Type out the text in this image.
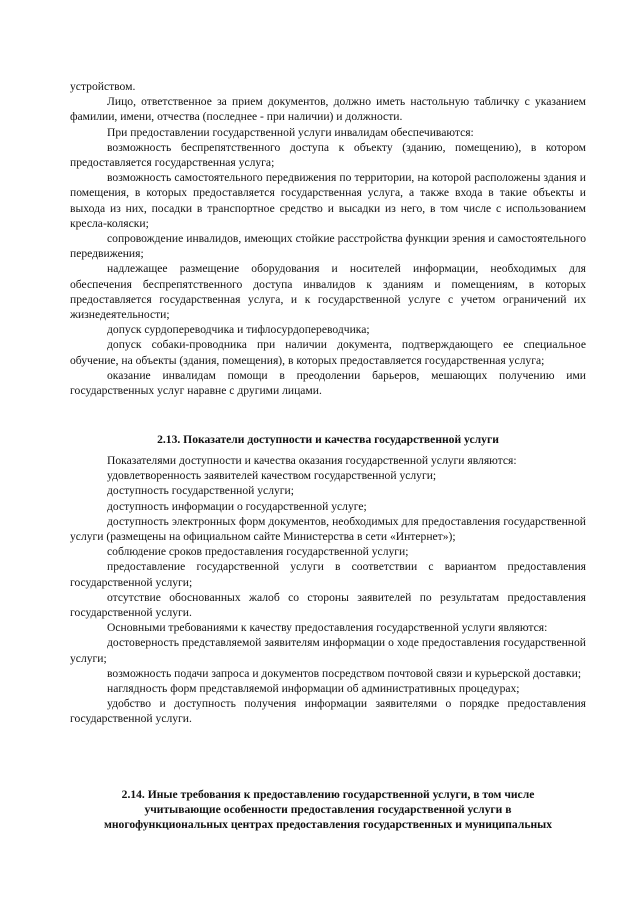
устройством.

Лицо, ответственное за прием документов, должно иметь настольную табличку с указанием фамилии, имени, отчества (последнее - при наличии) и должности.

При предоставлении государственной услуги инвалидам обеспечиваются:

возможность беспрепятственного доступа к объекту (зданию, помещению), в котором предоставляется государственная услуга;

возможность самостоятельного передвижения по территории, на которой расположены здания и помещения, в которых предоставляется государственная услуга, а также входа в такие объекты и выхода из них, посадки в транспортное средство и высадки из него, в том числе с использованием кресла-коляски;

сопровождение инвалидов, имеющих стойкие расстройства функции зрения и самостоятельного передвижения;

надлежащее размещение оборудования и носителей информации, необходимых для обеспечения беспрепятственного доступа инвалидов к зданиям и помещениям, в которых предоставляется государственная услуга, и к государственной услуге с учетом ограничений их жизнедеятельности;

допуск сурдопереводчика и тифлосурдопереводчика;

допуск собаки-проводника при наличии документа, подтверждающего ее специальное обучение, на объекты (здания, помещения), в которых предоставляется государственная услуга;

оказание инвалидам помощи в преодолении барьеров, мешающих получению ими государственных услуг наравне с другими лицами.

2.13. Показатели доступности и качества государственной услуги

Показателями доступности и качества оказания государственной услуги являются:

удовлетворенность заявителей качеством государственной услуги;

доступность государственной услуги;

доступность информации о государственной услуге;

доступность электронных форм документов, необходимых для предоставления государственной услуги (размещены на официальном сайте Министерства в сети «Интернет»);

соблюдение сроков предоставления государственной услуги;

предоставление государственной услуги в соответствии с вариантом предоставления государственной услуги;

отсутствие обоснованных жалоб со стороны заявителей по результатам предоставления государственной услуги.

Основными требованиями к качеству предоставления государственной услуги являются:

достоверность представляемой заявителям информации о ходе предоставления государственной услуги;

возможность подачи запроса и документов посредством почтовой связи и курьерской доставки;

наглядность форм представляемой информации об административных процедурах;

удобство и доступность получения информации заявителями о порядке предоставления государственной услуги.

2.14. Иные требования к предоставлению государственной услуги, в том числе
учитывающие особенности предоставления государственной услуги в
многофункциональных центрах предоставления государственных и муниципальных
